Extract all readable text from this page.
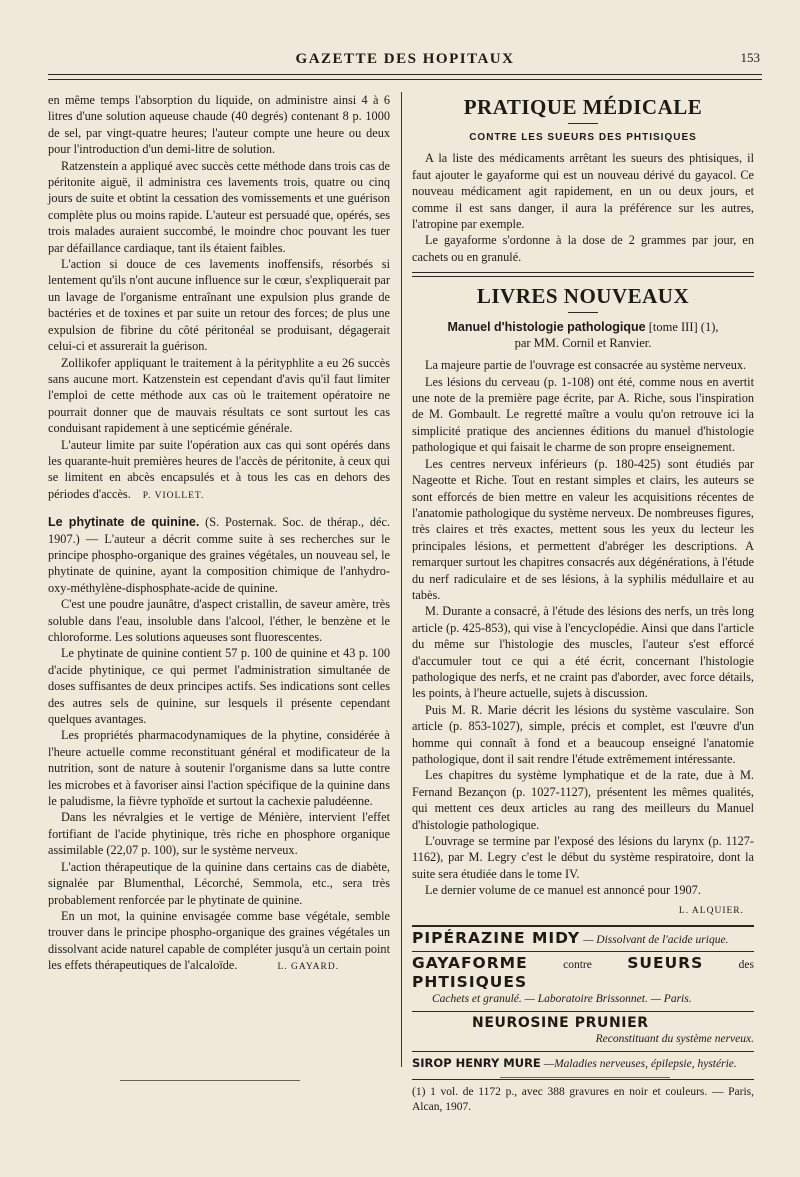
GAZETTE DES HOPITAUX	153

en même temps l'absorption du liquide, on administre ainsi 4 à 6 litres d'une solution aqueuse chaude (40 degrés) contenant 8 p. 1000 de sel, par vingt-quatre heures; l'auteur compte une heure ou deux pour l'introduction d'un demi-litre de solution.

Ratzenstein a appliqué avec succès cette méthode dans trois cas de péritonite aiguë, il administra ces lavements trois, quatre ou cinq jours de suite et obtint la cessation des vomissements et une guérison complète plus ou moins rapide. L'auteur est persuadé que, opérés, ses trois malades auraient succombé, le moindre choc pouvant les tuer par défaillance cardiaque, tant ils étaient faibles.

L'action si douce de ces lavements inoffensifs, résorbés si lentement qu'ils n'ont aucune influence sur le cœur, s'expliquerait par un lavage de l'organisme entraînant une expulsion plus grande de bactéries et de toxines et par suite un retour des forces; de plus une expulsion de fibrine du côté péritonéal se produisant, dégagerait celui-ci et assurerait la guérison.

Zollikofer appliquant le traitement à la pérityphlite a eu 26 succès sans aucune mort. Katzenstein est cependant d'avis qu'il faut limiter l'emploi de cette méthode aux cas où le traitement opératoire ne pourrait donner que de mauvais résultats ce sont surtout les cas conduisant rapidement à une septicémie générale.

L'auteur limite par suite l'opération aux cas qui sont opérés dans les quarante-huit premières heures de l'accès de péritonite, à ceux qui se limitent en abcès encapsulés et à tous les cas en dehors des périodes d'accès. P. VIOLLET.

Le phytinate de quinine. (S. Posternak. Soc. de thérap., déc. 1907.) — L'auteur a décrit comme suite à ses recherches sur le principe phospho-organique des graines végétales, un nouveau sel, le phytinate de quinine, ayant la composition chimique de l'anhydro-oxy-méthylène-disphosphate-acide de quinine.

C'est une poudre jaunâtre, d'aspect cristallin, de saveur amère, très soluble dans l'eau, insoluble dans l'alcool, l'éther, le benzène et le chloroforme. Les solutions aqueuses sont fluorescentes.

Le phytinate de quinine contient 57 p. 100 de quinine et 43 p. 100 d'acide phytinique, ce qui permet l'administration simultanée de doses suffisantes de deux principes actifs. Ses indications sont celles des autres sels de quinine, sur lesquels il présente cependant quelques avantages.

Les propriétés pharmacodynamiques de la phytine, considérée à l'heure actuelle comme reconstituant général et modificateur de la nutrition, sont de nature à soutenir l'organisme dans sa lutte contre les microbes et à favoriser ainsi l'action spécifique de la quinine dans le paludisme, la fièvre typhoïde et surtout la cachexie paludéenne.

Dans les névralgies et le vertige de Ménière, intervient l'effet fortifiant de l'acide phytinique, très riche en phosphore organique assimilable (22,07 p. 100), sur le système nerveux.

L'action thérapeutique de la quinine dans certains cas de diabète, signalée par Blumenthal, Lécorché, Semmola, etc., sera très probablement renforcée par le phytinate de quinine.

En un mot, la quinine envisagée comme base végétale, semble trouver dans le principe phospho-organique des graines végétales un dissolvant acide naturel capable de compléter jusqu'à un certain point les effets thérapeutiques de l'alcaloïde.	L. GAYARD.

PRATIQUE MÉDICALE
CONTRE LES SUEURS DES PHTISIQUES

A la liste des médicaments arrêtant les sueurs des phtisiques, il faut ajouter le gayaforme qui est un nouveau dérivé du gayacol. Ce nouveau médicament agit rapidement, en un ou deux jours, et comme il est sans danger, il aura la préférence sur les autres, l'atropine par exemple.

Le gayaforme s'ordonne à la dose de 2 grammes par jour, en cachets ou en granulé.

LIVRES NOUVEAUX
Manuel d'histologie pathologique [tome III] (1),
par MM. Cornil et Ranvier.

La majeure partie de l'ouvrage est consacrée au système nerveux.

Les lésions du cerveau (p. 1-108) ont été, comme nous en avertit une note de la première page écrite, par A. Riche, sous l'inspiration de M. Gombault. Le regretté maître a voulu qu'on retrouve ici la simplicité pratique des anciennes éditions du manuel d'histologie pathologique et qui faisait le charme de son propre enseignement.

Les centres nerveux inférieurs (p. 180-425) sont étudiés par Nageotte et Riche. Tout en restant simples et clairs, les auteurs se sont efforcés de bien mettre en valeur les acquisitions récentes de l'anatomie pathologique du système nerveux. De nombreuses figures, très claires et très exactes, mettent sous les yeux du lecteur les principales lésions, et permettent d'abréger les descriptions. A remarquer surtout les chapitres consacrés aux dégénérations, à l'étude du nerf radiculaire et de ses lésions, à la syphilis médullaire et au tabès.

M. Durante a consacré, à l'étude des lésions des nerfs, un très long article (p. 425-853), qui vise à l'encyclopédie. Ainsi que dans l'article du même sur l'histologie des muscles, l'auteur s'est efforcé d'accumuler tout ce qui a été écrit, concernant l'histologie pathologique des nerfs, et ne craint pas d'aborder, avec force détails, les points, à l'heure actuelle, sujets à discussion.

Puis M. R. Marie décrit les lésions du système vasculaire. Son article (p. 853-1027), simple, précis et complet, est l'œuvre d'un homme qui connaît à fond et a beaucoup enseigné l'anatomie pathologique, dont il sait rendre l'étude extrêmement intéressante.

Les chapitres du système lymphatique et de la rate, due à M. Fernand Bezançon (p. 1027-1127), présentent les mêmes qualités, qui mettent ces deux articles au rang des meilleurs du Manuel d'histologie pathologique.

L'ouvrage se termine par l'exposé des lésions du larynx (p. 1127-1162), par M. Legry c'est le début du système respiratoire, dont la suite sera étudiée dans le tome IV.

Le dernier volume de ce manuel est annoncé pour 1907.

L. ALQUIER.
PIPÉRAZINE MIDY — Dissolvant de l'acide urique.
GAYAFORME	contre SUEURS	des PHTISIQUES
Cachets et granulé. — Laboratoire Brissonnet. — Paris.
NEUROSINE PRUNIER
Reconstituant du système nerveux.
SIROP HENRY MURE —Maladies nerveuses, épilepsie, hystérie.
(1) 1 vol. de 1172 p., avec 388 gravures en noir et couleurs. — Paris, Alcan, 1907.
